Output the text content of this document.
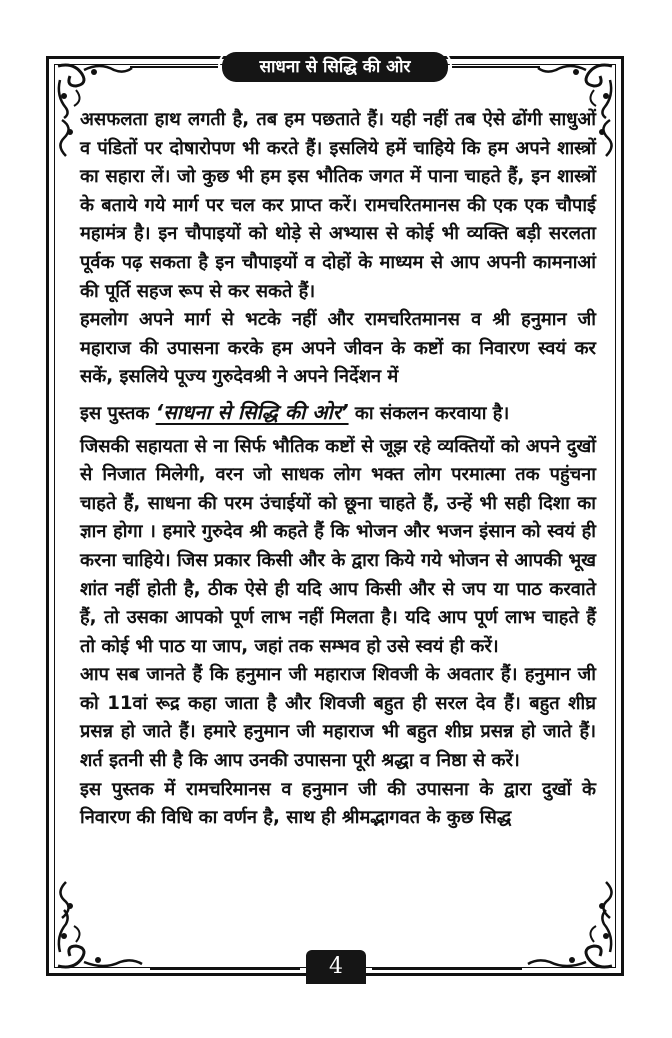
साधना से सिद्धि की ओर

असफलता हाथ लगती है, तब हम पछताते हैं। यही नहीं तब ऐसे ढोंगी साधुओं व पंडितों पर दोषारोपण भी करते हैं। इसलिये हमें चाहिये कि हम अपने शास्त्रों का सहारा लें। जो कुछ भी हम इस भौतिक जगत में पाना चाहते हैं, इन शास्त्रों के बताये गये मार्ग पर चल कर प्राप्त करें। रामचरितमानस की एक एक चौपाई महामंत्र है। इन चौपाइयों को थोड़े से अभ्यास से कोई भी व्यक्ति बड़ी सरलता पूर्वक पढ़ सकता है इन चौपाइयों व दोहों के माध्यम से आप अपनी कामनाआं की पूर्ति सहज रूप से कर सकते हैं।

हमलोग अपने मार्ग से भटके नहीं और रामचरितमानस व श्री हनुमान जी महाराज की उपासना करके हम अपने जीवन के कष्टों का निवारण स्वयं कर सकें, इसलिये पूज्य गुरुदेवश्री ने अपने निर्देशन में

इस पुस्तक ‘साधना से सिद्धि की ओर’ का संकलन करवाया है।

जिसकी सहायता से ना सिर्फ भौतिक कष्टों से जूझ रहे व्यक्तियों को अपने दुखों से निजात मिलेगी, वरन जो साधक लोग भक्त लोग परमात्मा तक पहुंचना चाहते हैं, साधना की परम उंचाईयों को छूना चाहते हैं, उन्हें भी सही दिशा का ज्ञान होगा । हमारे गुरुदेव श्री कहते हैं कि भोजन और भजन इंसान को स्वयं ही करना चाहिये। जिस प्रकार किसी और के द्वारा किये गये भोजन से आपकी भूख शांत नहीं होती है, ठीक ऐसे ही यदि आप किसी और से जप या पाठ करवाते हैं, तो उसका आपको पूर्ण लाभ नहीं मिलता है। यदि आप पूर्ण लाभ चाहते हैं तो कोई भी पाठ या जाप, जहां तक सम्भव हो उसे स्वयं ही करें।

आप सब जानते हैं कि हनुमान जी महाराज शिवजी के अवतार हैं। हनुमान जी को 11वां रूद्र कहा जाता है और शिवजी बहुत ही सरल देव हैं। बहुत शीघ्र प्रसन्न हो जाते हैं। हमारे हनुमान जी महाराज भी बहुत शीघ्र प्रसन्न हो जाते हैं। शर्त इतनी सी है कि आप उनकी उपासना पूरी श्रद्धा व निष्ठा से करें।

इस पुस्तक में रामचरिमानस व हनुमान जी की उपासना के द्वारा दुखों के निवारण की विधि का वर्णन है, साथ ही श्रीमद्भागवत के कुछ सिद्ध

4
